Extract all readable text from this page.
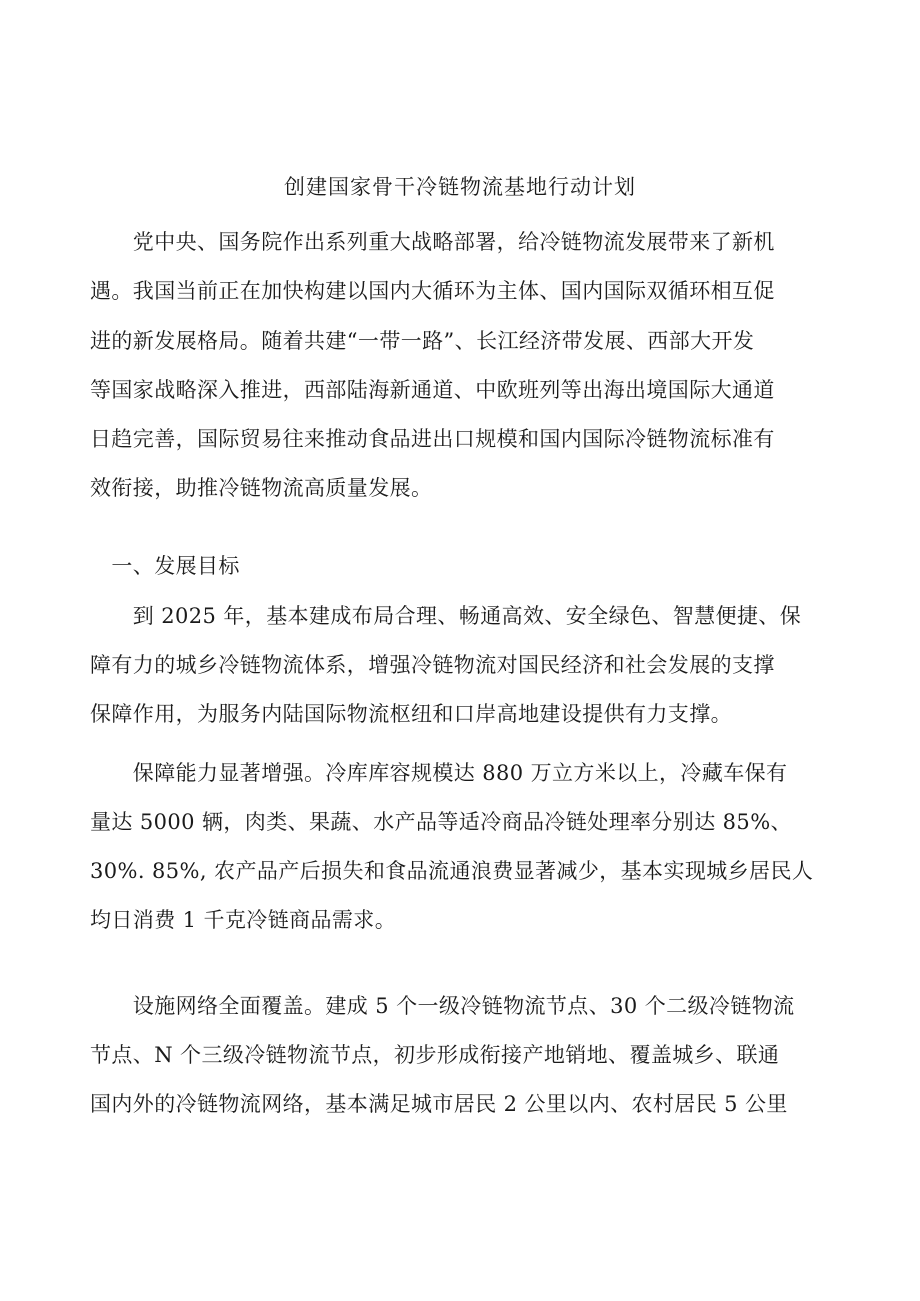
创建国家骨干冷链物流基地行动计划
　　党中央、国务院作出系列重大战略部署，给冷链物流发展带来了新机
遇。我国当前正在加快构建以国内大循环为主体、国内国际双循环相互促
进的新发展格局。随着共建“一带一路”、长江经济带发展、西部大开发
等国家战略深入推进，西部陆海新通道、中欧班列等出海出境国际大通道
日趋完善，国际贸易往来推动食品进出口规模和国内国际冷链物流标准有
效衔接，助推冷链物流高质量发展。
　一、发展目标
　　到 2025 年，基本建成布局合理、畅通高效、安全绿色、智慧便捷、保
障有力的城乡冷链物流体系，增强冷链物流对国民经济和社会发展的支撑
保障作用，为服务内陆国际物流枢纽和口岸高地建设提供有力支撑。
　　保障能力显著增强。冷库库容规模达 880 万立方米以上，冷藏车保有
量达 5000 辆，肉类、果蔬、水产品等适冷商品冷链处理率分别达 85%、
30%. 85%, 农产品产后损失和食品流通浪费显著减少，基本实现城乡居民人
均日消费 1 千克冷链商品需求。
　　设施网络全面覆盖。建成 5 个一级冷链物流节点、30 个二级冷链物流
节点、N 个三级冷链物流节点，初步形成衔接产地销地、覆盖城乡、联通
国内外的冷链物流网络，基本满足城市居民 2 公里以内、农村居民 5 公里
